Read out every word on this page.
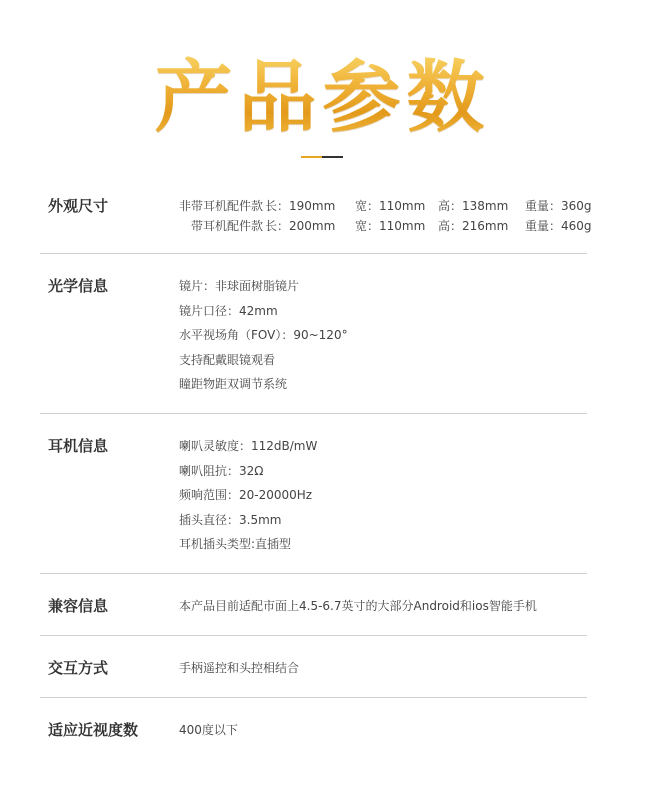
产品参数
外观尺寸	非带耳机配件款 长：190mm 宽：110mm 高：138mm 重量：360g
带耳机配件款 长：200mm 宽：110mm 高：216mm 重量：460g
光学信息	镜片：非球面树脂镜片
镜片口径：42mm
水平视场角（FOV）：90~120°
支持配戴眼镜观看
瞳距物距双调节系统
耳机信息	喇叭灵敏度：112dB/mW
喇叭阻抗：32Ω
频响范围：20-20000Hz
插头直径：3.5mm
耳机插头类型:直插型
兼容信息	本产品目前适配市面上4.5-6.7英寸的大部分Android和ios智能手机
交互方式	手柄遥控和头控相结合
适应近视度数	400度以下
